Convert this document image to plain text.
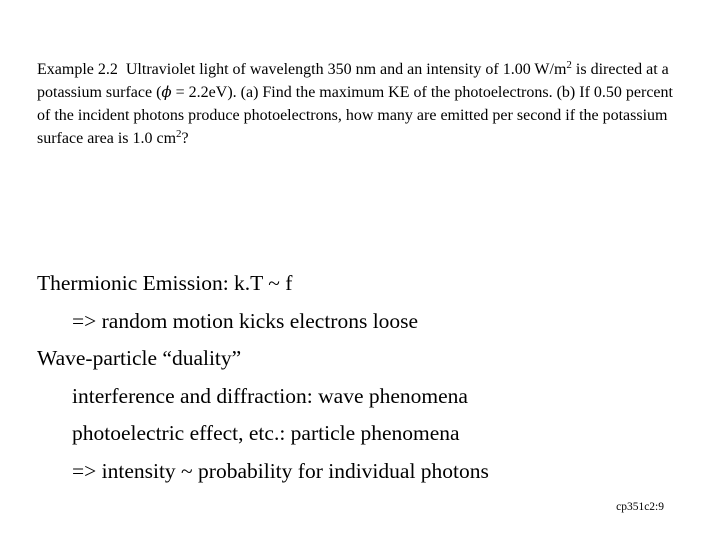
Example 2.2 Ultraviolet light of wavelength 350 nm and an intensity of 1.00 $W/m^2$ is directed at a potassium surface (ϕ = 2.2eV). (a) Find the maximum KE of the photoelectrons. (b) If 0.50 percent of the incident photons produce photoelectrons, how many are emitted per second if the potassium surface area is 1.0 $cm^2$?
Thermionic Emission: k.T ~ f
=> random motion kicks electrons loose
Wave-particle “duality”
interference and diffraction: wave phenomena
photoelectric effect, etc.: particle phenomena
=> intensity ~ probability for individual photons
cp351c2:9
